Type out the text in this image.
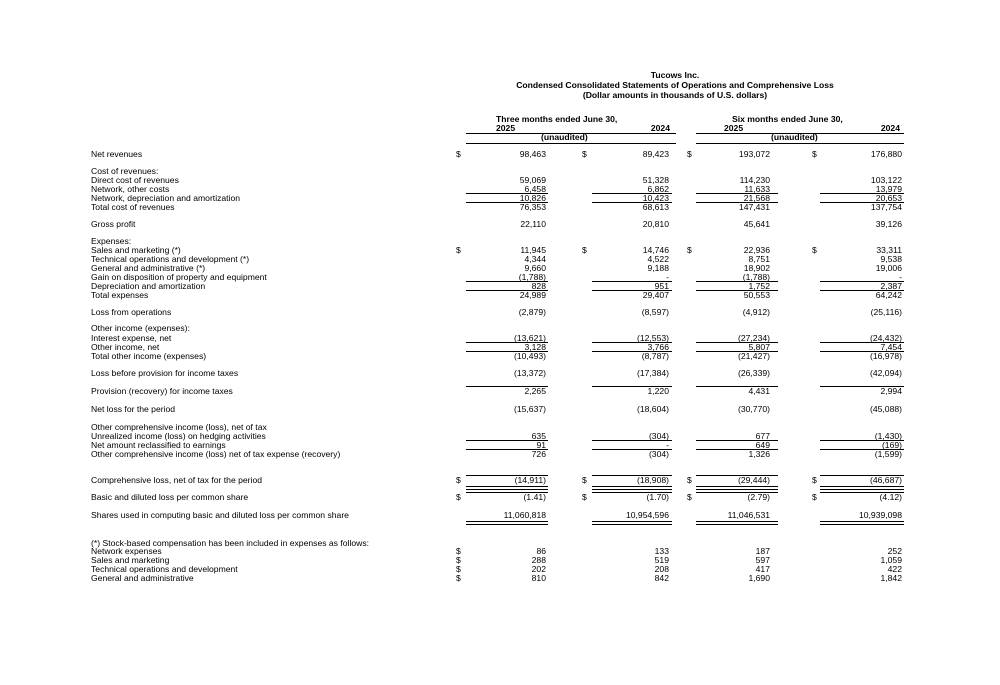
Tucows Inc.
Condensed Consolidated Statements of Operations and Comprehensive Loss
(Dollar amounts in thousands of U.S. dollars)
Three months ended June 30,	Six months ended June 30,
2025	2024	2025	2024
(unaudited)	(unaudited)
Net revenues	$	98,463	$	89,423 $	193,072	$	176,880
Cost of revenues:
Direct cost of revenues	59,069	51,328	114,230	103,122
Network, other costs	6,458	6,862	11,633	13,979
Network, depreciation and amortization	10,826	10,423	21,568	20,653
Total cost of revenues	76,353	68,613	147,431	137,754
Gross profit	22,110	20,810	45,641	39,126
Expenses:
Sales and marketing (*)	$	11,945	$	14,746 $	22,936	$	33,311
Technical operations and development (*)	4,344	4,522	8,751	9,538
General and administrative (*)	9,660	9,188	18,902	19,006
Gain on disposition of property and equipment	(1,788)	-	(1,788)	-
Depreciation and amortization	828	951	1,752	2,387
Total expenses	24,989	29,407	50,553	64,242
Loss from operations	(2,879)	(8,597)	(4,912)	(25,116)
Other income (expenses):
Interest expense, net	(13,621)	(12,553)	(27,234)	(24,432)
Other income, net	3,128	3,766	5,807	7,454
Total other income (expenses)	(10,493)	(8,787)	(21,427)	(16,978)
Loss before provision for income taxes	(13,372)	(17,384)	(26,339)	(42,094)
Provision (recovery) for income taxes	2,265	1,220	4,431	2,994
Net loss for the period	(15,637)	(18,604)	(30,770)	(45,088)
Other comprehensive income (loss), net of tax
Unrealized income (loss) on hedging activities	635	(304)	677	(1,430)
Net amount reclassified to earnings	91	-	649	(169)
Other comprehensive income (loss) net of tax expense (recovery)	726	(304)	1,326	(1,599)
Comprehensive loss, net of tax for the period	$	(14,911)	$	(18,908) $	(29,444)	$	(46,687)
Basic and diluted loss per common share	$	(1.41)	$	(1.70) $	(2.79)	$	(4.12)
Shares used in computing basic and diluted loss per common share	11,060,818	10,954,596	11,046,531	10,939,098
(*) Stock-based compensation has been included in expenses as follows:
Network expenses	86	133	187	252
$
Sales and marketing	288	519	597	1,059
$
Technical operations and development	202	208	417	422
$
General and administrative	810	842	1,690	1,842
$
